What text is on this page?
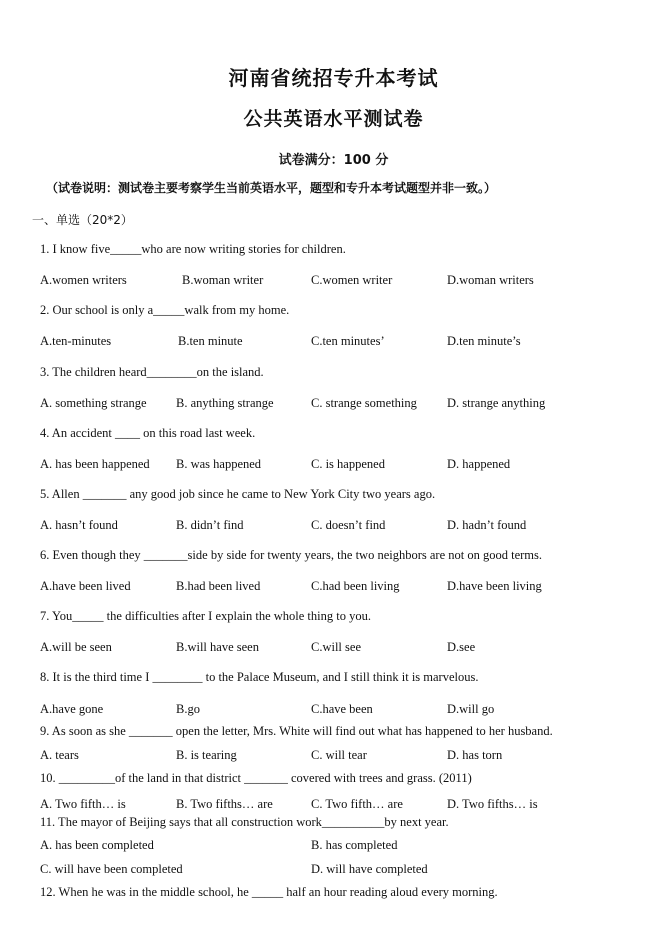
河南省统招专升本考试
公共英语水平测试卷
试卷满分：100 分
（试卷说明：测试卷主要考察学生当前英语水平，题型和专升本考试题型并非一致。）
一、单选（20*2）
1. I know five_____who are now writing stories for children.
A.women writers	B.woman writer	C.women writer	D.woman writers
2. Our school is only a_____walk from my home.
A.ten-minutes	B.ten minute	C.ten minutes’	D.ten minute’s
3. The children heard________on the island.
A. something strange B. anything strange	C. strange something D. strange anything
4. An accident ____ on this road last week.
A. has been happened B. was happened	C. is happened	D. happened
5. Allen _______ any good job since he came to New York City two years ago.
A. hasn’t found	B. didn’t find	C. doesn’t find	D. hadn’t found
6. Even though they _______side by side for twenty years, the two neighbors are not on good terms.
A.have been lived	B.had been lived	C.had been living	D.have been living
7. You_____ the difficulties after I explain the whole thing to you.
A.will be seen	B.will have seen	C.will see	D.see
8. It is the third time I ________ to the Palace Museum, and I still think it is marvelous.
A.have gone	B.go	C.have been	D.will go
9. As soon as she _______ open the letter, Mrs. White will find out what has happened to her husband.
A. tears	B. is tearing	C. will tear	D. has torn
10. _________of the land in that district _______ covered with trees and grass. (2011)
A. Two fifth… is	B. Two fifths… are	C. Two fifth… are	D. Two fifths… is
11. The mayor of Beijing says that all construction work__________by next year.
A. has been completed	B. has completed
C. will have been completed	D. will have completed
12. When he was in the middle school, he _____ half an hour reading aloud every morning.
